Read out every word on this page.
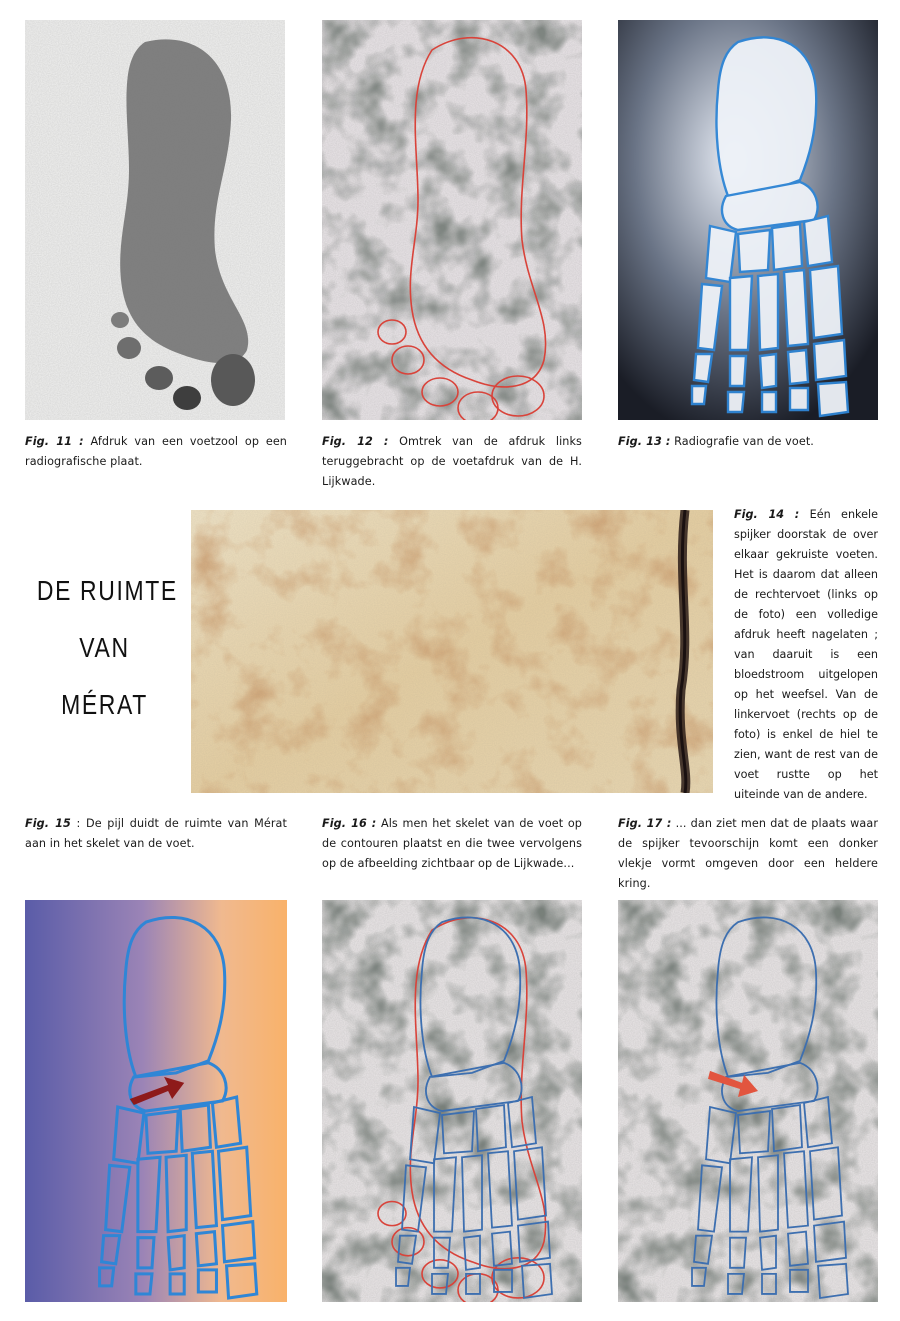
Fig. 11 : Afdruk van een voetzool op een radiografische plaat.
Fig. 12 : Omtrek van de afdruk links teruggebracht op de voetafdruk van de H. Lijkwade.
Fig. 13 : Radiografie van de voet.
DE RUIMTE
VAN
MÉRAT
Fig. 14 : Eén enkele spijker doorstak de over elkaar gekruiste voeten. Het is daarom dat alleen de rechtervoet (links op de foto) een volledige afdruk heeft nagelaten ; van daaruit is een bloedstroom uitgelopen op het weefsel. Van de linkervoet (rechts op de foto) is enkel de hiel te zien, want de rest van de voet rustte op het uiteinde van de andere.
Fig. 15 : De pijl duidt de ruimte van Mérat aan in het skelet van de voet.
Fig. 16 : Als men het skelet van de voet op de contouren plaatst en die twee vervolgens op de afbeelding zichtbaar op de Lijkwade...
Fig. 17 : ... dan ziet men dat de plaats waar de spijker tevoorschijn komt een donker vlekje vormt omgeven door een heldere kring.
